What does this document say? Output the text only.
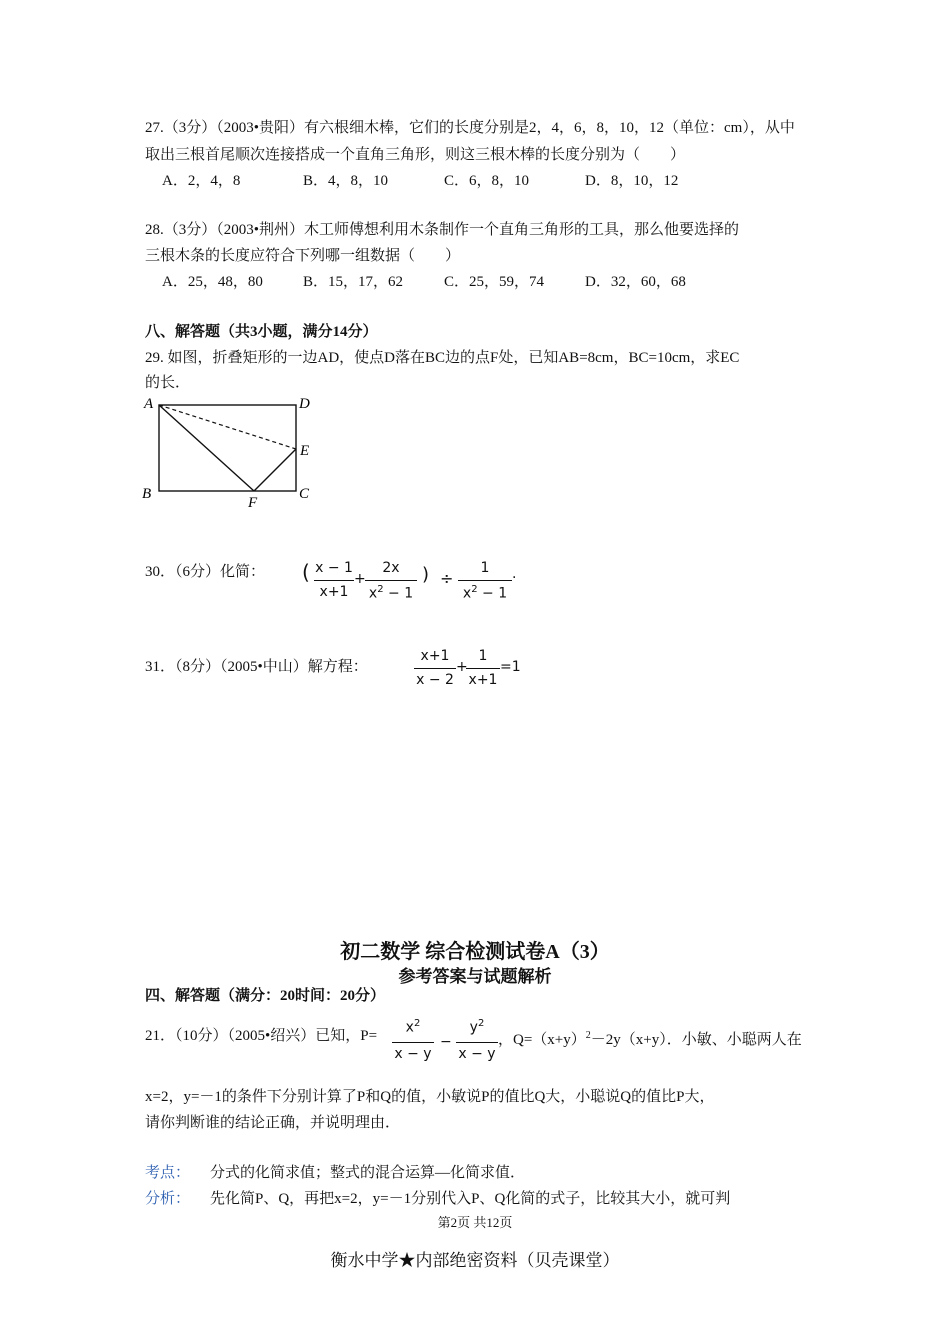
27.（3分）（2003•贵阳）有六根细木棒，它们的长度分别是2，4，6，8，10，12（单位：cm），从中
取出三根首尾顺次连接搭成一个直角三角形，则这三根木棒的长度分别为（　　）
A．2，4，8	B．4，8，10	C．6，8，10	D．8，10，12
28.（3分）（2003•荆州）木工师傅想利用木条制作一个直角三角形的工具，那么他要选择的
三根木条的长度应符合下列哪一组数据（　　）
A．25，48，80	B．15，17，62	C．25，59，74	D．32，60，68
八、解答题（共3小题，满分14分）
29. 如图，折叠矩形的一边AD，使点D落在BC边的点F处，已知AB=8cm，BC=10cm，求EC
的长．
A	D
E
B	C
F
30．（6分）化简： ( x − 1
x+1
+
2x
$x^2 - 1$
) ÷
1
$x^2 - 1$
.
31．（8分）（2005•中山）解方程：
x+1
x − 2
+
1
x+1
=1
初二数学 综合检测试卷A（3）
参考答案与试题解析
四、解答题（满分：20时间：20分）
21．（10分）（2005•绍兴）已知，P=
$x^2$
x − y
−
$y^2$
x − y
，$Q=(x+y)^2-2y(x+y)$．小敏、小聪两人在
x=2，y=－1的条件下分别计算了P和Q的值，小敏说P的值比Q大，小聪说Q的值比P大，
请你判断谁的结论正确，并说明理由．
考点： 分式的化简求值；整式的混合运算—化简求值．
分析： 先化简P、Q，再把x=2，y=－1分别代入P、Q化简的式子，比较其大小，就可判
第2页 共12页
衡水中学★内部绝密资料（贝壳课堂）
